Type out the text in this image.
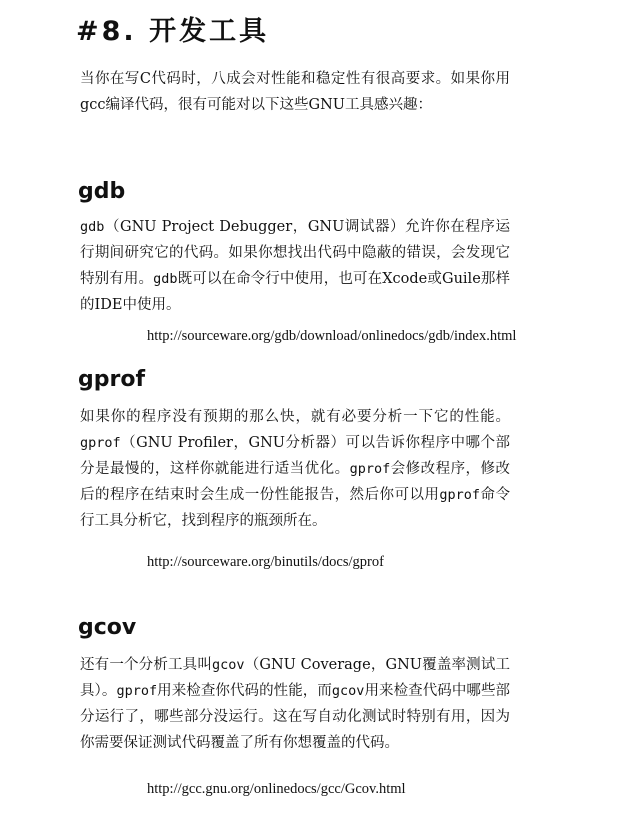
#8. 开发工具

当你在写C代码时，八成会对性能和稳定性有很高要求。如果你用gcc编译代码，很有可能对以下这些GNU工具感兴趣：

gdb

gdb（GNU Project Debugger，GNU调试器）允许你在程序运行期间研究它的代码。如果你想找出代码中隐蔽的错误，会发现它特别有用。gdb既可以在命令行中使用，也可在Xcode或Guile那样的IDE中使用。

http://sourceware.org/gdb/download/onlinedocs/gdb/index.html
gprof

如果你的程序没有预期的那么快，就有必要分析一下它的性能。gprof（GNU Profiler，GNU分析器）可以告诉你程序中哪个部分是最慢的，这样你就能进行适当优化。gprof会修改程序，修改后的程序在结束时会生成一份性能报告，然后你可以用gprof命令行工具分析它，找到程序的瓶颈所在。

http://sourceware.org/binutils/docs/gprof
gcov

还有一个分析工具叫gcov（GNU Coverage，GNU覆盖率测试工具）。gprof用来检查你代码的性能，而gcov用来检查代码中哪些部分运行了，哪些部分没运行。这在写自动化测试时特别有用，因为你需要保证测试代码覆盖了所有你想覆盖的代码。

http://gcc.gnu.org/onlinedocs/gcc/Gcov.html
